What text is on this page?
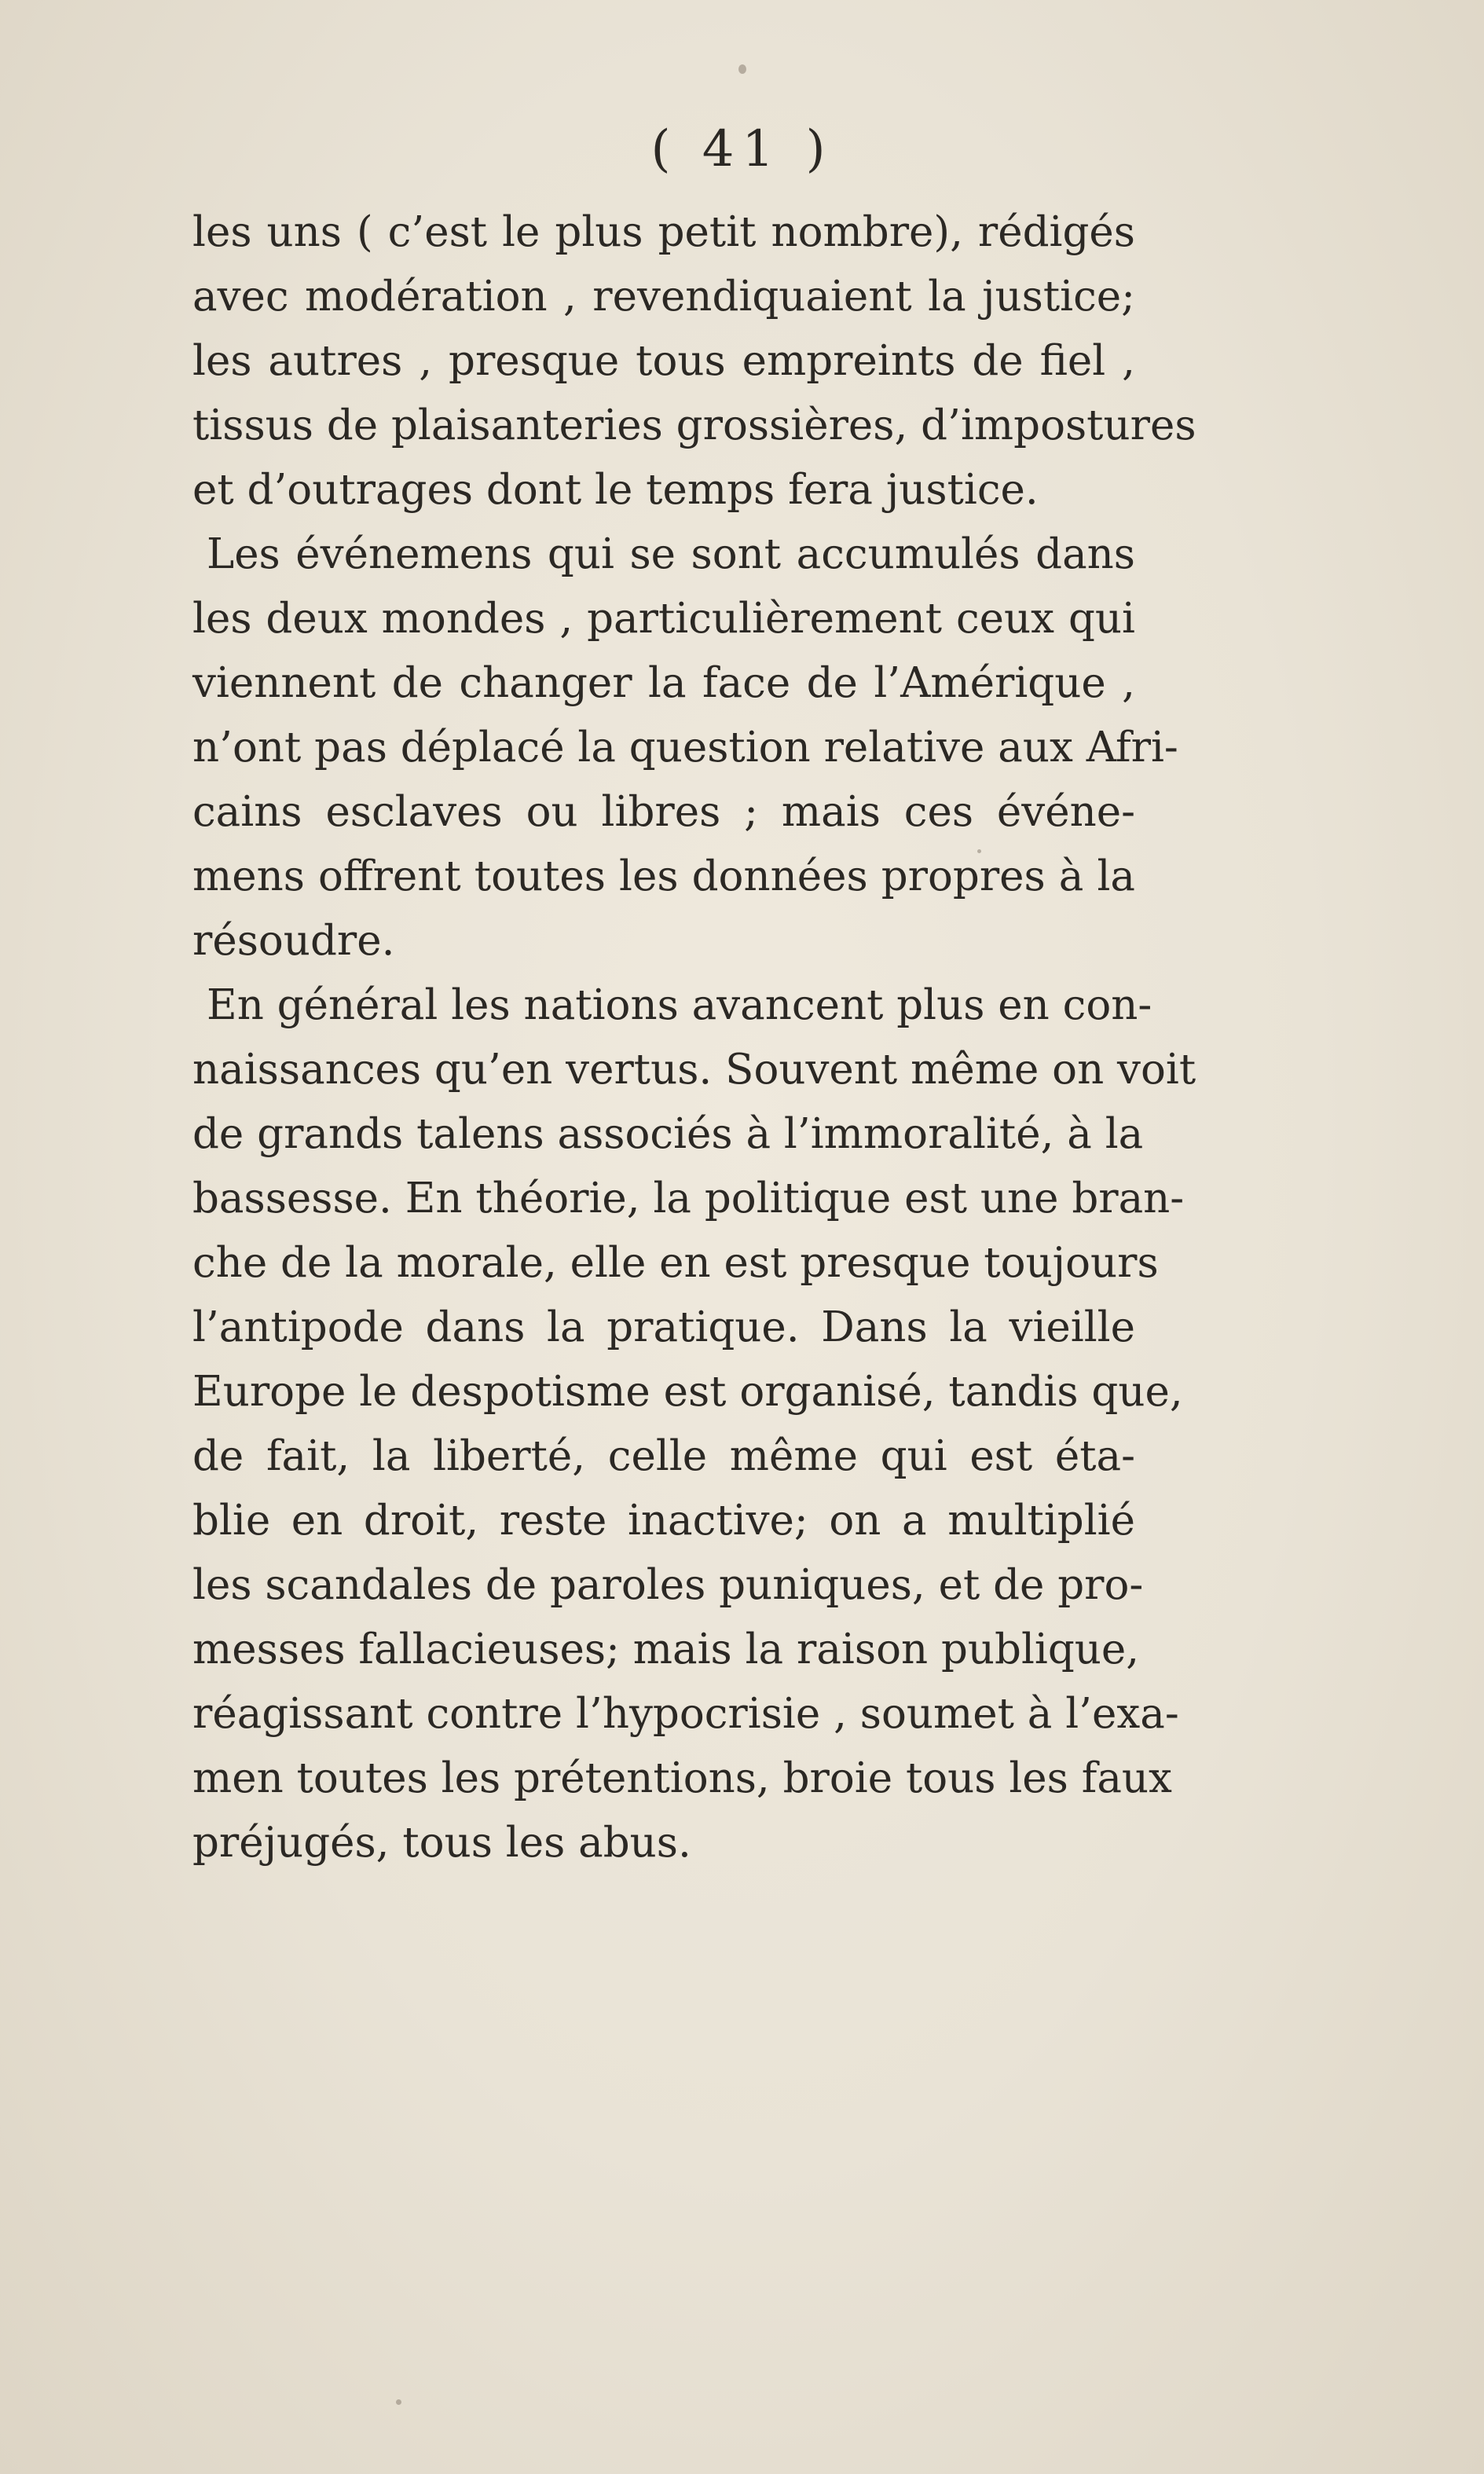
( 41 )
les uns ( c’est le plus petit nombre), rédigés
avec modération , revendiquaient la justice;
les autres , presque tous empreints de fiel ,
tissus de plaisanteries grossières, d’impostures
et d’outrages dont le temps fera justice.
Les événemens qui se sont accumulés dans
les deux mondes , particulièrement ceux qui
viennent de changer la face de l’Amérique ,
n’ont pas déplacé la question relative aux Afri-
cains esclaves ou libres ; mais ces événe-
mens offrent toutes les données propres à la
résoudre.
En général les nations avancent plus en con-
naissances qu’en vertus. Souvent même on voit
de grands talens associés à l’immoralité, à la
bassesse. En théorie, la politique est une bran-
che de la morale, elle en est presque toujours
l’antipode dans la pratique. Dans la vieille
Europe le despotisme est organisé, tandis que,
de fait, la liberté, celle même qui est éta-
blie en droit, reste inactive; on a multiplié
les scandales de paroles puniques, et de pro-
messes fallacieuses; mais la raison publique,
réagissant contre l’hypocrisie , soumet à l’exa-
men toutes les prétentions, broie tous les faux
préjugés, tous les abus.
